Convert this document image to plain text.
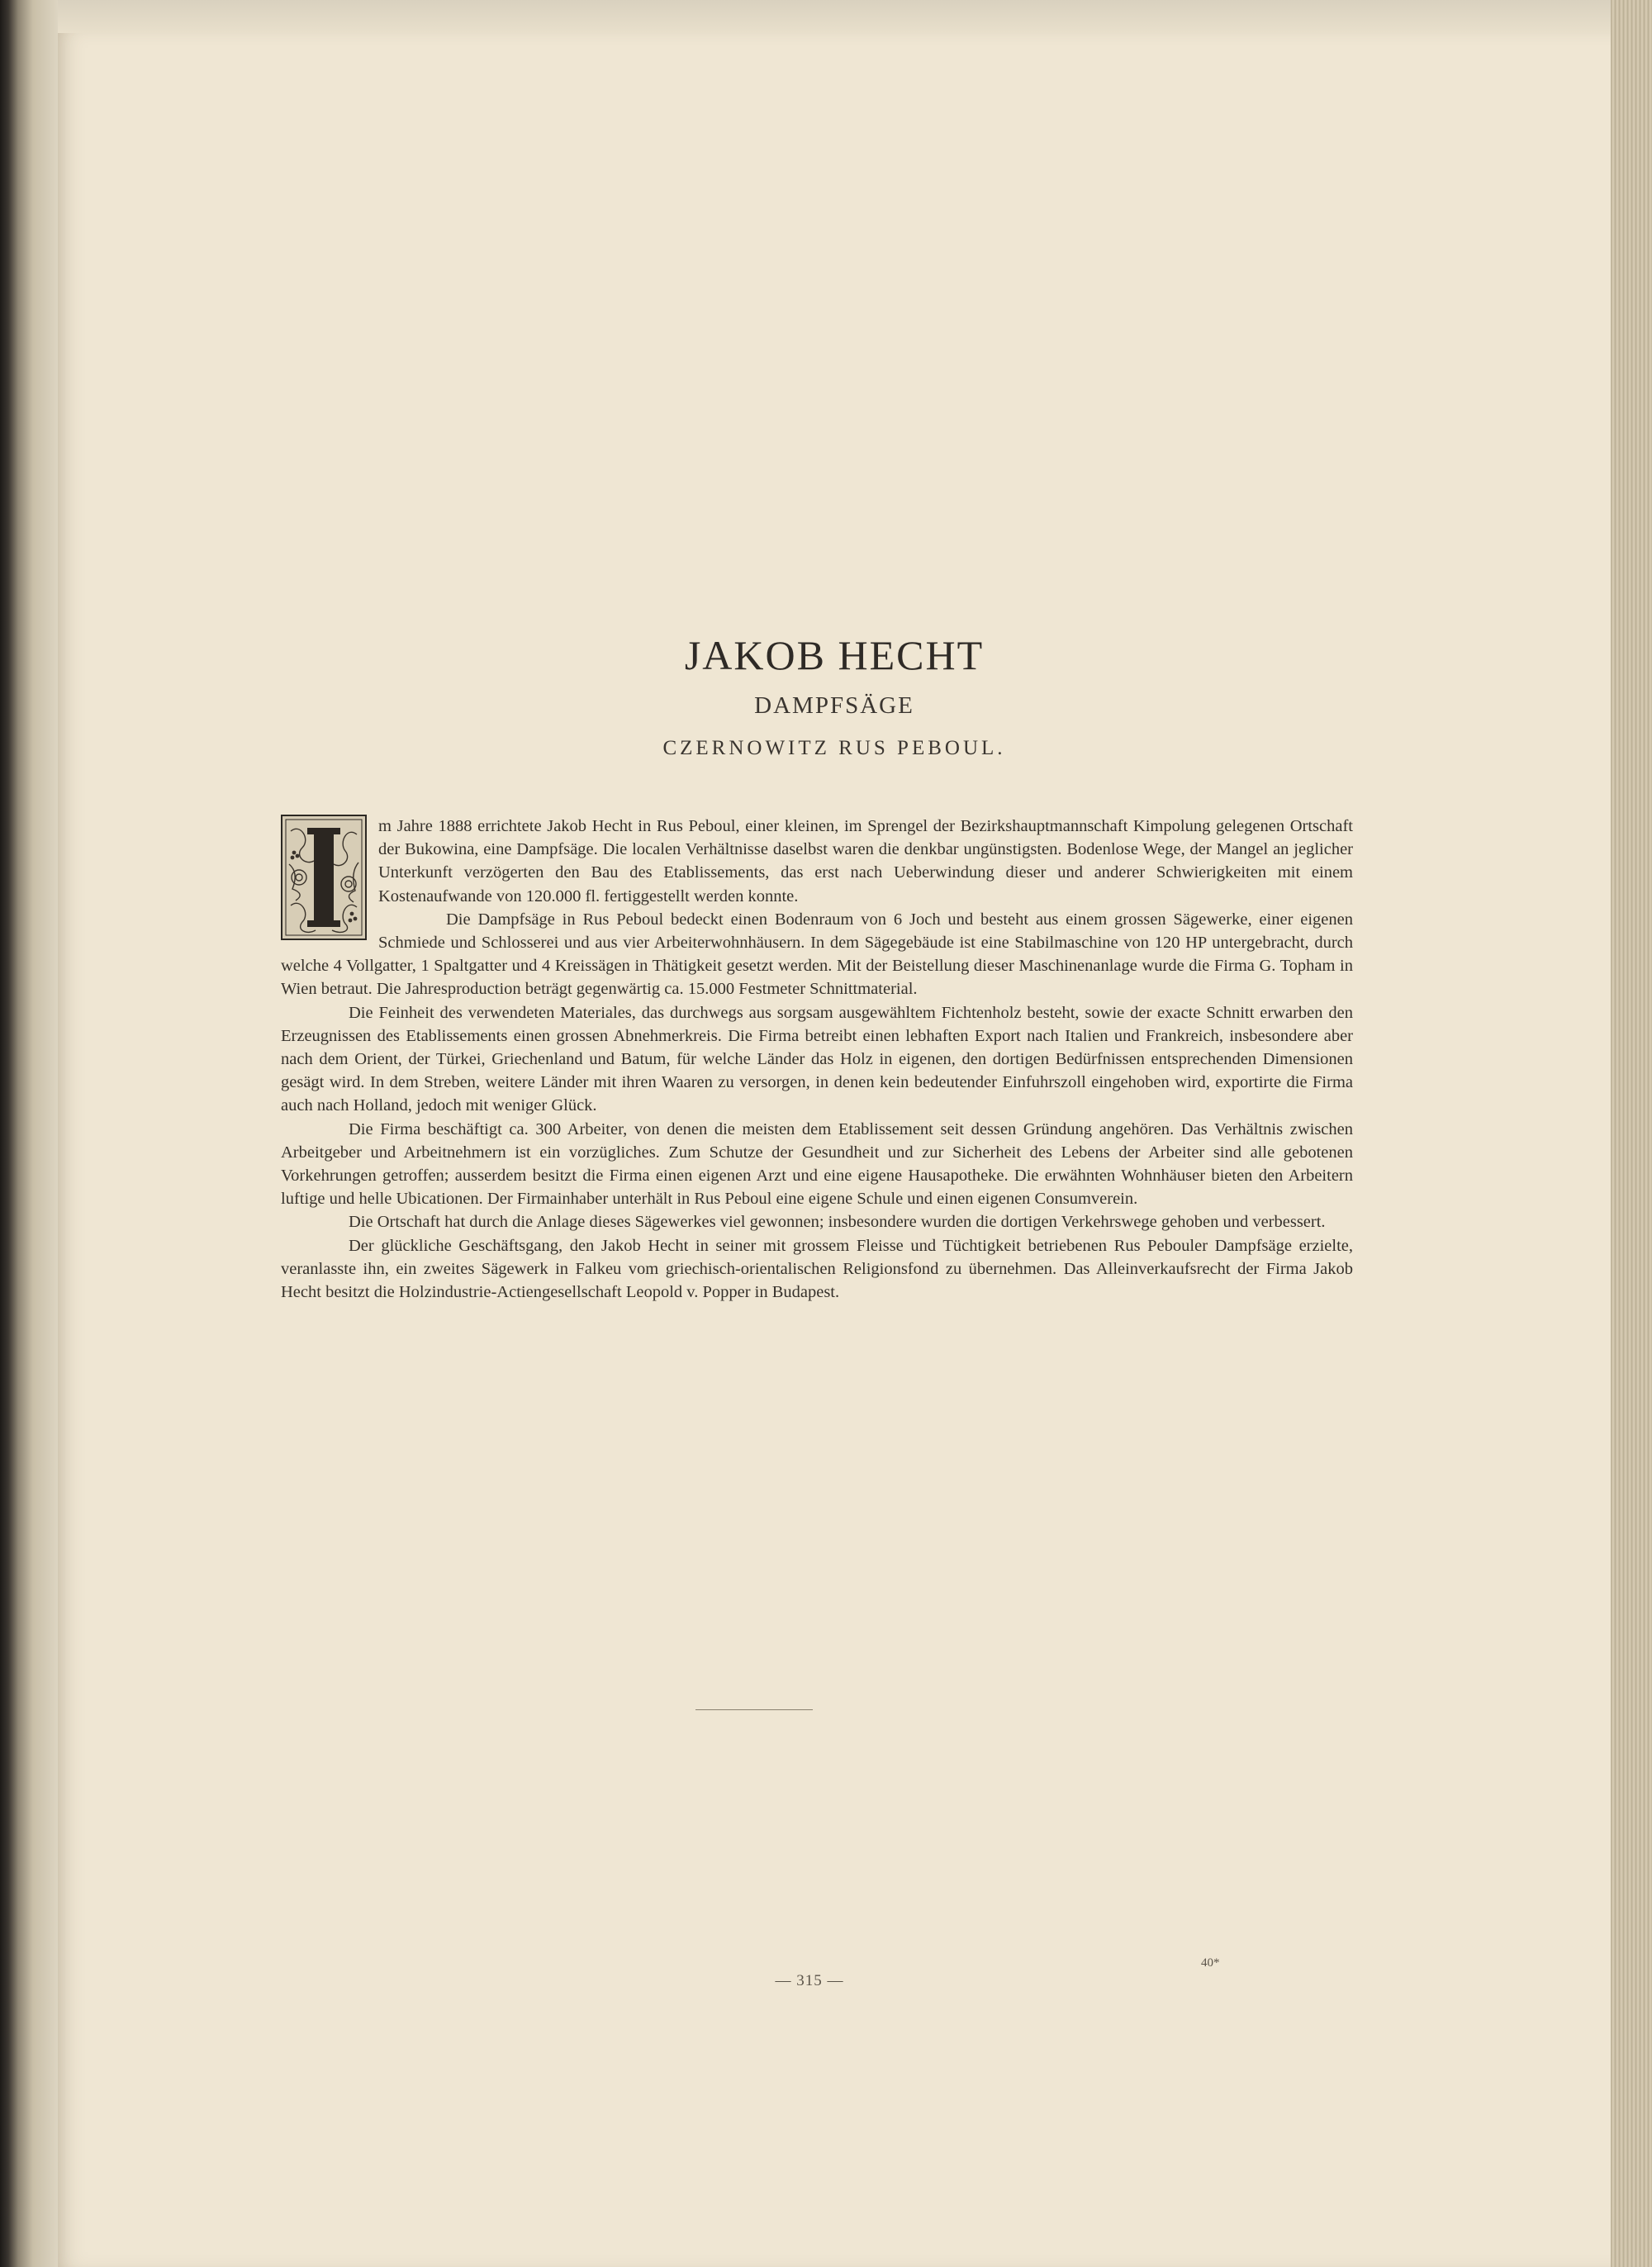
JAKOB HECHT
DAMPFSÄGE
CZERNOWITZ RUS PEBOUL.

m Jahre 1888 errichtete Jakob Hecht in Rus Peboul, einer kleinen, im Sprengel der Bezirkshauptmannschaft Kimpolung gelegenen Ortschaft der Bukowina, eine Dampfsäge. Die localen Verhältnisse daselbst waren die denkbar ungünstigsten. Bodenlose Wege, der Mangel an jeglicher Unterkunft verzögerten den Bau des Etablissements, das erst nach Ueberwindung dieser und anderer Schwierigkeiten mit einem Kostenaufwande von 120.000 fl. fertiggestellt werden konnte.

Die Dampfsäge in Rus Peboul bedeckt einen Bodenraum von 6 Joch und besteht aus einem grossen Sägewerke, einer eigenen Schmiede und Schlosserei und aus vier Arbeiterwohnhäusern. In dem Sägegebäude ist eine Stabilmaschine von 120 HP untergebracht, durch welche 4 Vollgatter, 1 Spaltgatter und 4 Kreissägen in Thätigkeit gesetzt werden. Mit der Beistellung dieser Maschinenanlage wurde die Firma G. Topham in Wien betraut. Die Jahresproduction beträgt gegenwärtig ca. 15.000 Festmeter Schnittmaterial.

Die Feinheit des verwendeten Materiales, das durchwegs aus sorgsam ausgewähltem Fichtenholz besteht, sowie der exacte Schnitt erwarben den Erzeugnissen des Etablissements einen grossen Abnehmerkreis. Die Firma betreibt einen lebhaften Export nach Italien und Frankreich, insbesondere aber nach dem Orient, der Türkei, Griechenland und Batum, für welche Länder das Holz in eigenen, den dortigen Bedürfnissen entsprechenden Dimensionen gesägt wird. In dem Streben, weitere Länder mit ihren Waaren zu versorgen, in denen kein bedeutender Einfuhrszoll eingehoben wird, exportirte die Firma auch nach Holland, jedoch mit weniger Glück.

Die Firma beschäftigt ca. 300 Arbeiter, von denen die meisten dem Etablissement seit dessen Gründung angehören. Das Verhältnis zwischen Arbeitgeber und Arbeitnehmern ist ein vorzügliches. Zum Schutze der Gesundheit und zur Sicherheit des Lebens der Arbeiter sind alle gebotenen Vorkehrungen getroffen; ausserdem besitzt die Firma einen eigenen Arzt und eine eigene Hausapotheke. Die erwähnten Wohnhäuser bieten den Arbeitern luftige und helle Ubicationen. Der Firmainhaber unterhält in Rus Peboul eine eigene Schule und einen eigenen Consumverein.

Die Ortschaft hat durch die Anlage dieses Sägewerkes viel gewonnen; insbesondere wurden die dortigen Verkehrswege gehoben und verbessert.

Der glückliche Geschäftsgang, den Jakob Hecht in seiner mit grossem Fleisse und Tüchtigkeit betriebenen Rus Pebouler Dampfsäge erzielte, veranlasste ihn, ein zweites Sägewerk in Falkeu vom griechisch-orientalischen Religionsfond zu übernehmen. Das Alleinverkaufsrecht der Firma Jakob Hecht besitzt die Holzindustrie-Actiengesellschaft Leopold v. Popper in Budapest.

— 315 —
40*
